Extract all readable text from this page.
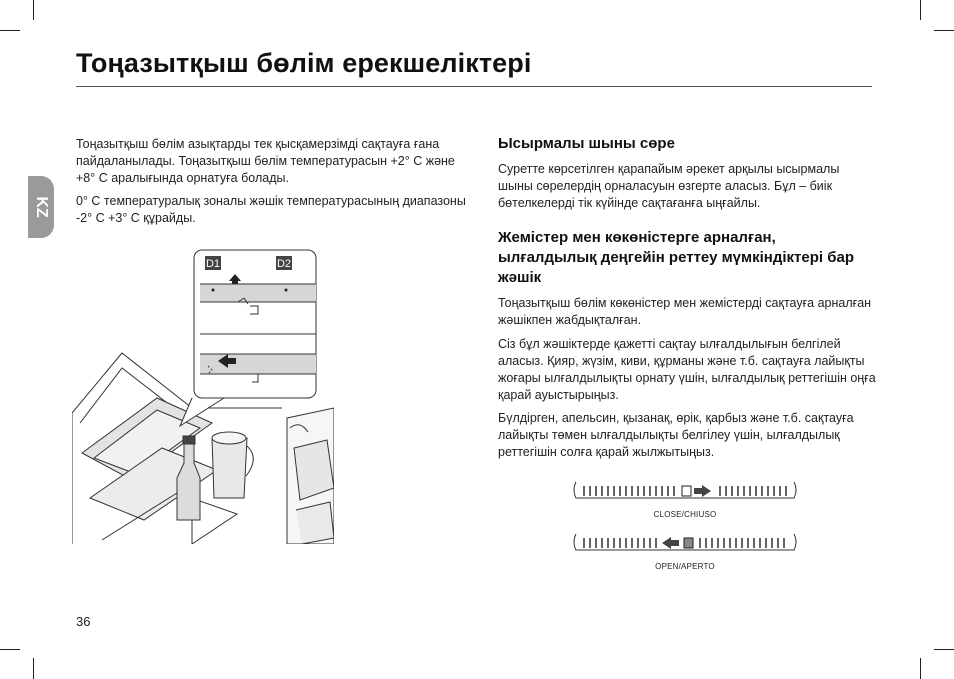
Тоңазытқыш бөлім ерекшеліктері
KZ

Тоңазытқыш бөлім азықтарды тек қысқамерзімді сақтауға ғана пайдаланылады. Тоңазытқыш бөлім температурасын +2° C және +8° C аралығында орнатуға болады.

0° C температуралық зоналы жәшік температурасының диапазоны -2° C +3° C құрайды.

D1	D2
Ысырмалы шыны сөре

Суретте көрсетілген қарапайым әрекет арқылы ысырмалы шыны сөрелердің орналасуын өзгерте аласыз. Бұл – биік бөтелкелерді тік күйінде сақтағанға ыңғайлы.

Жемістер мен көкөністерге арналған, ылғалдылық деңгейін реттеу мүмкіндіктері бар жәшік

Тоңазытқыш бөлім көкөністер мен жемістерді сақтауға арналған жәшікпен жабдықталған.

Сіз бұл жәшіктерде қажетті сақтау ылғалдылығын белгілей аласыз. Қияр, жүзім, киви, құрманы және т.б. сақтауға лайықты жоғары ылғалдылықты орнату үшін, ылғалдылық реттегішін оңға қарай ауыстырыңыз.

Бүлдірген, апельсин, қызанақ, өрік, қарбыз және т.б. сақтауға лайықты төмен ылғалдылықты белгілеу үшін, ылғалдылық реттегішін солға қарай жылжытыңыз.

CLOSE/CHIUSO
OPEN/APERTO
36
